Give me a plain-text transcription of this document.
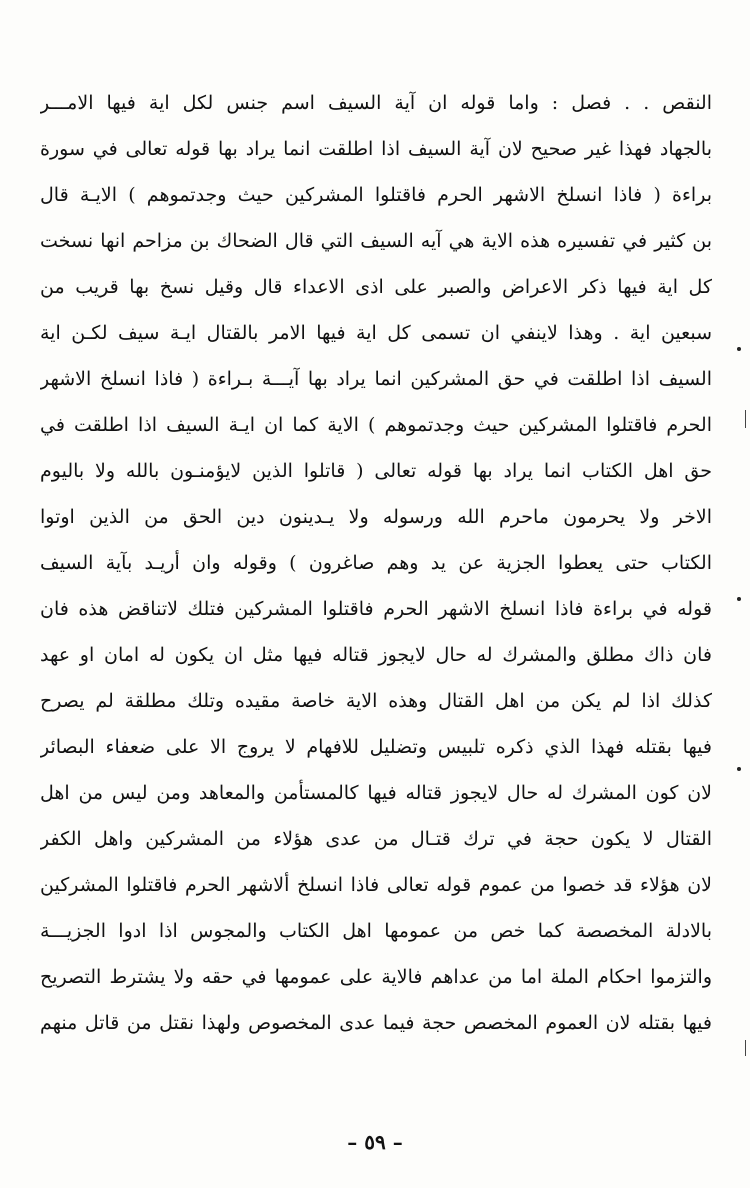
النقص . . فصل : واما قوله ان آية السيف اسم جنس لكل اية فيها الامـــر
بالجهاد فهذا غير صحيح لان آية السيف اذا اطلقت انما يراد بها قوله تعالى في سورة
براءة ( فاذا انسلخ الاشهر الحرم فاقتلوا المشركين حيث وجدتموهم ) الايـة قال
بن كثير في تفسيره هذه الاية هي آيه السيف التي قال الضحاك بن مزاحم انها نسخت
كل اية فيها ذكر الاعراض والصبر على اذى الاعداء قال وقيل نسخ بها قريب من
سبعين اية . وهذا لاينفي ان تسمى كل اية فيها الامر بالقتال ايـة سيف لكـن اية
السيف اذا اطلقت في حق المشركين انما يراد بها آيـــة بـراءة ( فاذا انسلخ الاشهر
الحرم فاقتلوا المشركين حيث وجدتموهم ) الاية كما ان ايـة السيف اذا اطلقت في
حق اهل الكتاب انما يراد بها قوله تعالى ( قاتلوا الذين لايؤمنـون بالله ولا باليوم
الاخر ولا يحرمون ماحرم الله ورسوله ولا يـدينون دين الحق من الذين اوتوا
الكتاب حتى يعطوا الجزية عن يد وهم صاغرون ) وقوله وان أريـد بآية السيف
قوله في براءة فاذا انسلخ الاشهر الحرم فاقتلوا المشركين فتلك لاتناقض هذه فان
فان ذاك مطلق والمشرك له حال لايجوز قتاله فيها مثل ان يكون له امان او عهد
كذلك اذا لم يكن من اهل القتال وهذه الاية خاصة مقيده وتلك مطلقة لم يصرح
فيها بقتله فهذا الذي ذكره تلبيس وتضليل للافهام لا يروج الا على ضعفاء البصائر
لان كون المشرك له حال لايجوز قتاله فيها كالمستأمن والمعاهد ومن ليس من اهل
القتال لا يكون حجة في ترك قتـال من عدى هؤلاء من المشركين واهل الكفر
لان هؤلاء قد خصوا من عموم قوله تعالى فاذا انسلخ ألاشهر الحرم فاقتلوا المشركين
بالادلة المخصصة كما خص من عمومها اهل الكتاب والمجوس اذا ادوا الجزيـــة
والتزموا احكام الملة اما من عداهم فالاية على عمومها في حقه ولا يشترط التصريح
فيها بقتله لان العموم المخصص حجة فيما عدى المخصوص ولهذا نقتل من قاتل منهم
– ٥٩ –
